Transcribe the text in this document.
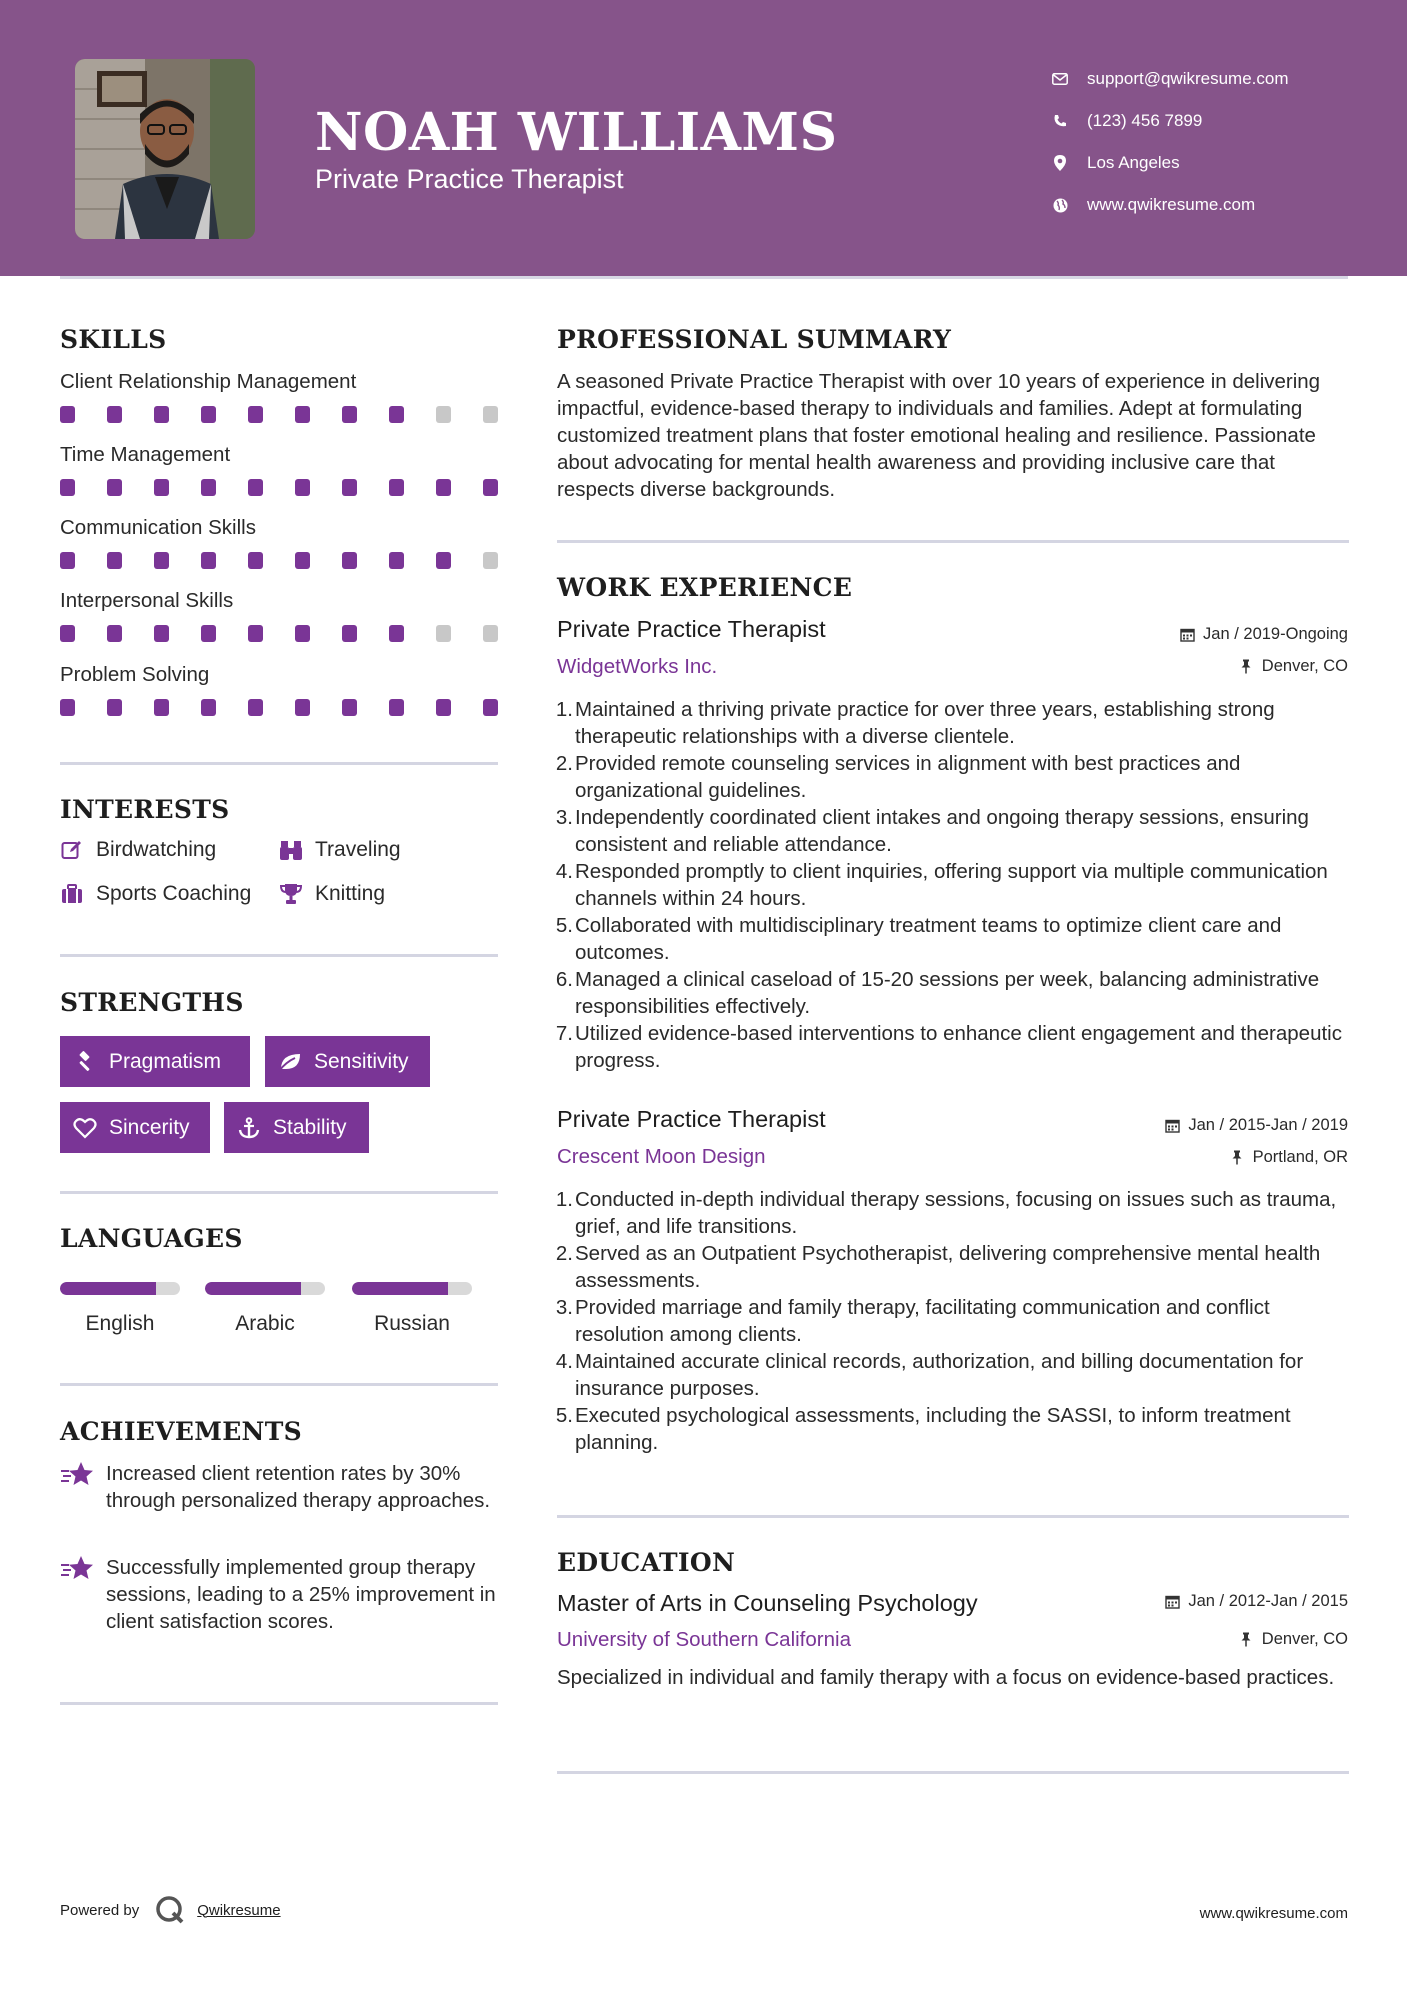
NOAH WILLIAMS
Private Practice Therapist
support@qwikresume.com
(123) 456 7899
Los Angeles
www.qwikresume.com
SKILLS
Client Relationship Management
Time Management
Communication Skills
Interpersonal Skills
Problem Solving
INTERESTS
Birdwatching	Traveling
Sports Coaching	Knitting
STRENGTHS
Pragmatism	Sensitivity
Sincerity	Stability
LANGUAGES
English	Arabic	Russian
ACHIEVEMENTS
Increased client retention rates by 30% through personalized therapy approaches.
Successfully implemented group therapy sessions, leading to a 25% improvement in client satisfaction scores.
PROFESSIONAL SUMMARY
A seasoned Private Practice Therapist with over 10 years of experience in delivering impactful, evidence-based therapy to individuals and families. Adept at formulating customized treatment plans that foster emotional healing and resilience. Passionate about advocating for mental health awareness and providing inclusive care that respects diverse backgrounds.
WORK EXPERIENCE
Private Practice Therapist	Jan / 2019-Ongoing
WidgetWorks Inc.	Denver, CO
1. Maintained a thriving private practice for over three years, establishing strong therapeutic relationships with a diverse clientele.
2. Provided remote counseling services in alignment with best practices and organizational guidelines.
3. Independently coordinated client intakes and ongoing therapy sessions, ensuring consistent and reliable attendance.
4. Responded promptly to client inquiries, offering support via multiple communication channels within 24 hours.
5. Collaborated with multidisciplinary treatment teams to optimize client care and outcomes.
6. Managed a clinical caseload of 15-20 sessions per week, balancing administrative responsibilities effectively.
7. Utilized evidence-based interventions to enhance client engagement and therapeutic progress.
Private Practice Therapist	Jan / 2015-Jan / 2019
Crescent Moon Design	Portland, OR
1. Conducted in-depth individual therapy sessions, focusing on issues such as trauma, grief, and life transitions.
2. Served as an Outpatient Psychotherapist, delivering comprehensive mental health assessments.
3. Provided marriage and family therapy, facilitating communication and conflict resolution among clients.
4. Maintained accurate clinical records, authorization, and billing documentation for insurance purposes.
5. Executed psychological assessments, including the SASSI, to inform treatment planning.
EDUCATION
Master of Arts in Counseling Psychology	Jan / 2012-Jan / 2015
University of Southern California	Denver, CO
Specialized in individual and family therapy with a focus on evidence-based practices.
Powered by	Qwikresume	www.qwikresume.com
